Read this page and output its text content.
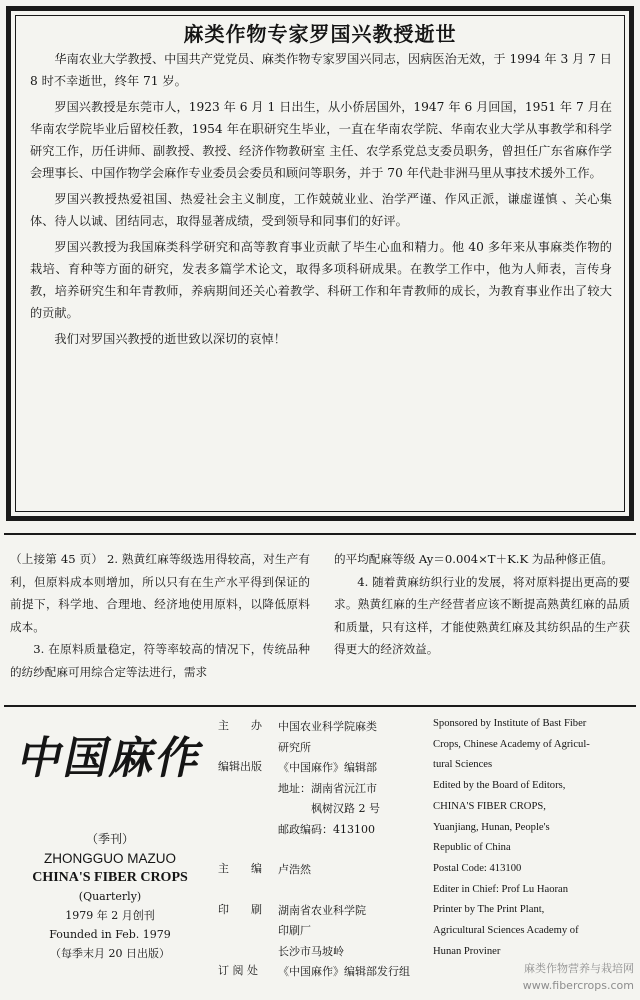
麻类作物专家罗国兴教授逝世

华南农业大学教授、中国共产党党员、麻类作物专家罗国兴同志，因病医治无效，于 1994 年 3 月 7 日 8 时不幸逝世，终年 71 岁。

罗国兴教授是东莞市人，1923 年 6 月 1 日出生，从小侨居国外，1947 年 6 月回国，1951 年 7 月在华南农学院毕业后留校任教，1954 年在职研究生毕业，一直在华南农学院、华南农业大学从事教学和科学研究工作，历任讲师、副教授、教授、经济作物教研室 主任、农学系党总支委员职务，曾担任广东省麻作学会理事长、中国作物学会麻作专业委员会委员和顾问等职务，并于 70 年代赴非洲马里从事技术援外工作。

罗国兴教授热爱祖国、热爱社会主义制度，工作兢兢业业、治学严谨、作风正派，谦虚谨慎 、关心集体、待人以诚、团结同志，取得显著成绩，受到领导和同事们的好评。

罗国兴教授为我国麻类科学研究和高等教育事业贡献了毕生心血和精力。他 40 多年来从事麻类作物的栽培、育种等方面的研究，发表多篇学术论文，取得多项科研成果。在教学工作中，他为人师表，言传身教，培养研究生和年青教师，养病期间还关心着教学、科研工作和年青教师的成长，为教育事业作出了较大的贡献。

我们对罗国兴教授的逝世致以深切的哀悼！

（上接第 45 页） 2. 熟黄红麻等级选用得较高，对生产有利，但原料成本则增加，所以只有在生产水平得到保证的前提下，科学地、合理地、经济地使用原料，以降低原料成本。

3. 在原料质量稳定，符等率较高的情况下，传统品种的纺纱配麻可用综合定等法进行，需求

的平均配麻等级 Ay＝0.004×T＋K.K 为品种修正值。

4. 随着黄麻纺织行业的发展，将对原料提出更高的要求。熟黄红麻的生产经营者应该不断提高熟黄红麻的品质和质量，只有这样，才能使熟黄红麻及其纺织品的生产获得更大的经济效益。

中国麻作
（季刊）
ZHONGGUO MAZUO
CHINA'S FIBER CROPS
(Quarterly)
1979 年 2 月创刊
Founded in Feb. 1979
（每季末月 20 日出版）
主　　办	中国农业科学院麻类
研究所
编辑出版	《中国麻作》编辑部
地址：湖南省沅江市
　　　枫树汉路 2 号
邮政编码：413100
主　　编	卢浩然
印　　刷	湖南省农业科学院
印刷厂
长沙市马坡岭
订 阅 处	《中国麻作》编辑部发行组
Sponsored by Institute of Bast Fiber
Crops, Chinese Academy of Agricul-
tural Sciences
Edited by the Board of Editors,
CHINA'S FIBER CROPS,
Yuanjiang, Hunan, People's
Republic of China
Postal Code: 413100
Editer in Chief: Prof Lu Haoran
Printer by The Print Plant,
Agricultural Sciences Academy of
Hunan Proviner
麻类作物营养与栽培网
www.fibercrops.com
